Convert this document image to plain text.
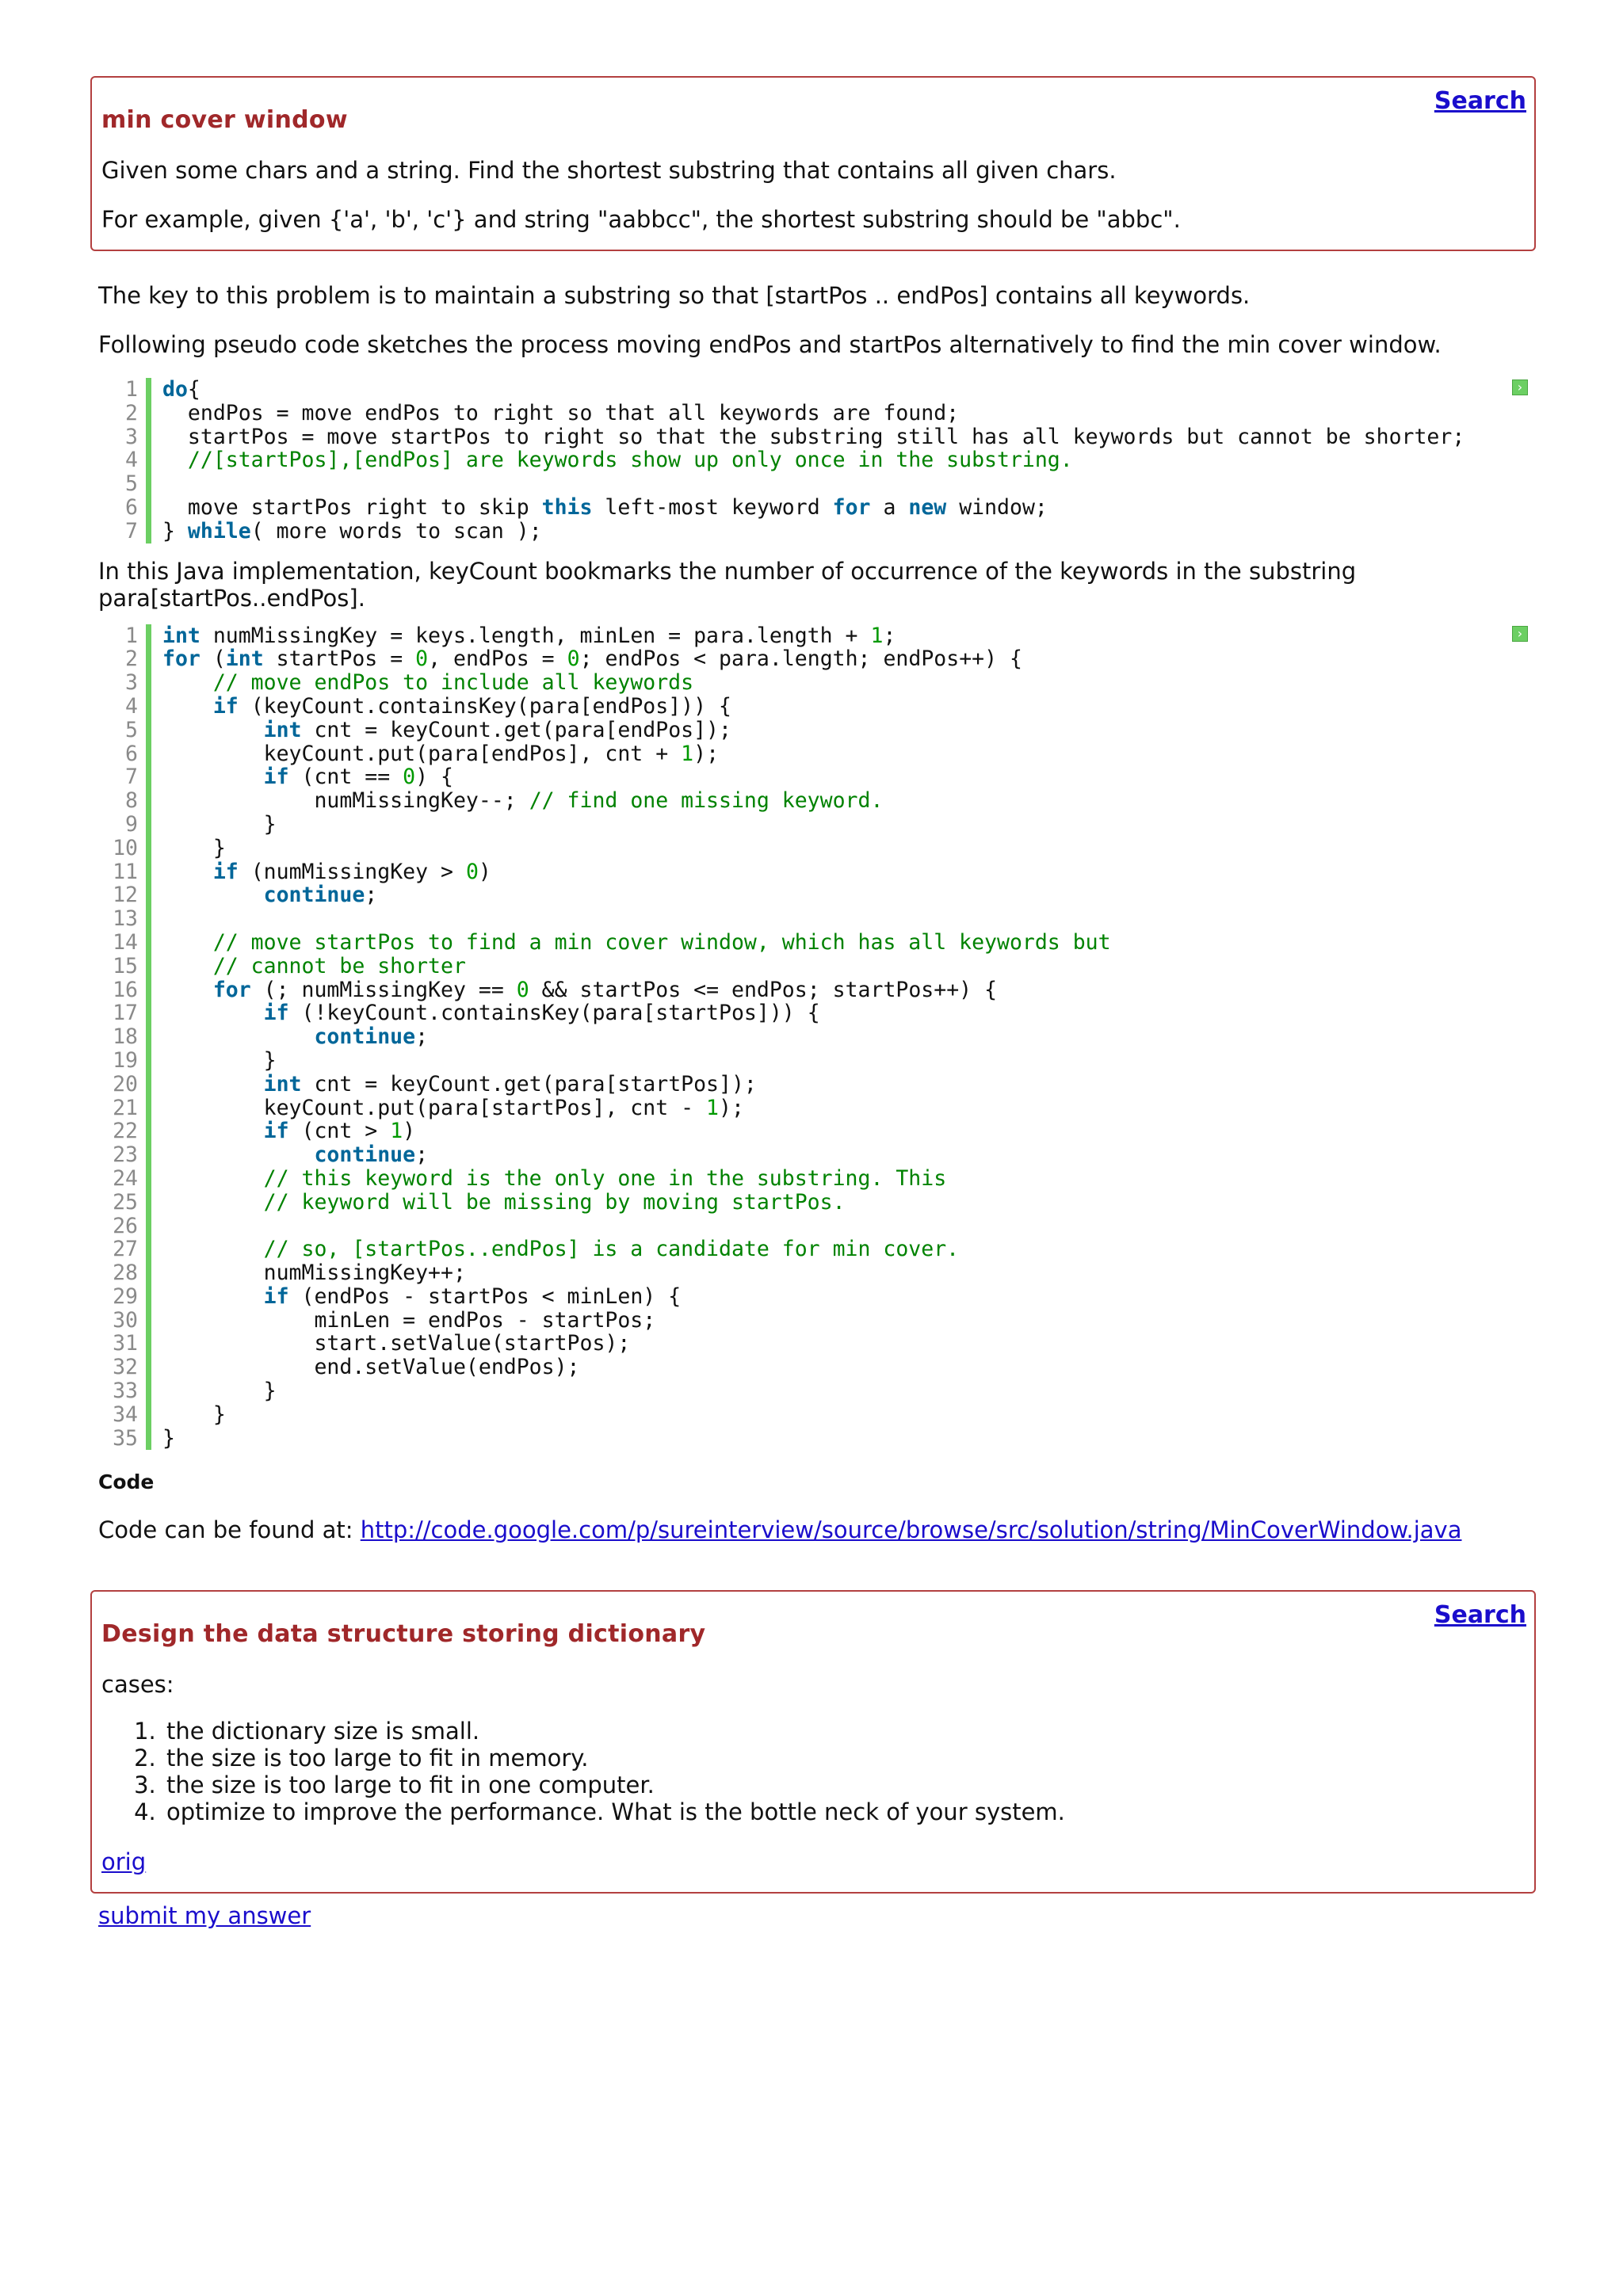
Search
min cover window

Given some chars and a string. Find the shortest substring that contains all given chars.

For example, given {'a', 'b', 'c'} and string "aabbcc", the shortest substring should be "abbc".

The key to this problem is to maintain a substring so that [startPos .. endPos] contains all keywords.

Following pseudo code sketches the process moving endPos and startPos alternatively to find the min cover window.

›
1	do{
2	endPos = move endPos to right so that all keywords are found;
3	startPos = move startPos to right so that the substring still has all keywords but cannot be shorter;
4	//[startPos],[endPos] are keywords show up only once in the substring.
5

6	move startPos right to skip this left-most keyword for a new window;
7	} while( more words to scan );

In this Java implementation, keyCount bookmarks the number of occurrence of the keywords in the substring para[startPos..endPos].

›
1	int numMissingKey = keys.length, minLen = para.length + 1;
2	for (int startPos = 0, endPos = 0; endPos < para.length; endPos++) {
3	// move endPos to include all keywords
4	if (keyCount.containsKey(para[endPos])) {
5	int cnt = keyCount.get(para[endPos]);
6	keyCount.put(para[endPos], cnt + 1);
7	if (cnt == 0) {
8	numMissingKey--; // find one missing keyword.
9	}
10	}
11	if (numMissingKey > 0)
12	continue;
13

14	// move startPos to find a min cover window, which has all keywords but
15	// cannot be shorter
16	for (; numMissingKey == 0 && startPos <= endPos; startPos++) {
17	if (!keyCount.containsKey(para[startPos])) {
18	continue;
19	}
20	int cnt = keyCount.get(para[startPos]);
21	keyCount.put(para[startPos], cnt - 1);
22	if (cnt > 1)
23	continue;
24	// this keyword is the only one in the substring. This
25	// keyword will be missing by moving startPos.
26

27	// so, [startPos..endPos] is a candidate for min cover.
28	numMissingKey++;
29	if (endPos - startPos < minLen) {
30	minLen = endPos - startPos;
31	start.setValue(startPos);
32	end.setValue(endPos);
33	}
34	}
35	}
Code

Code can be found at: http://code.google.com/p/sureinterview/source/browse/src/solution/string/MinCoverWindow.java

Search
Design the data structure storing dictionary

cases:

1. the dictionary size is small.
2. the size is too large to fit in memory.
3. the size is too large to fit in one computer.
4. optimize to improve the performance. What is the bottle neck of your system.

orig

submit my answer
